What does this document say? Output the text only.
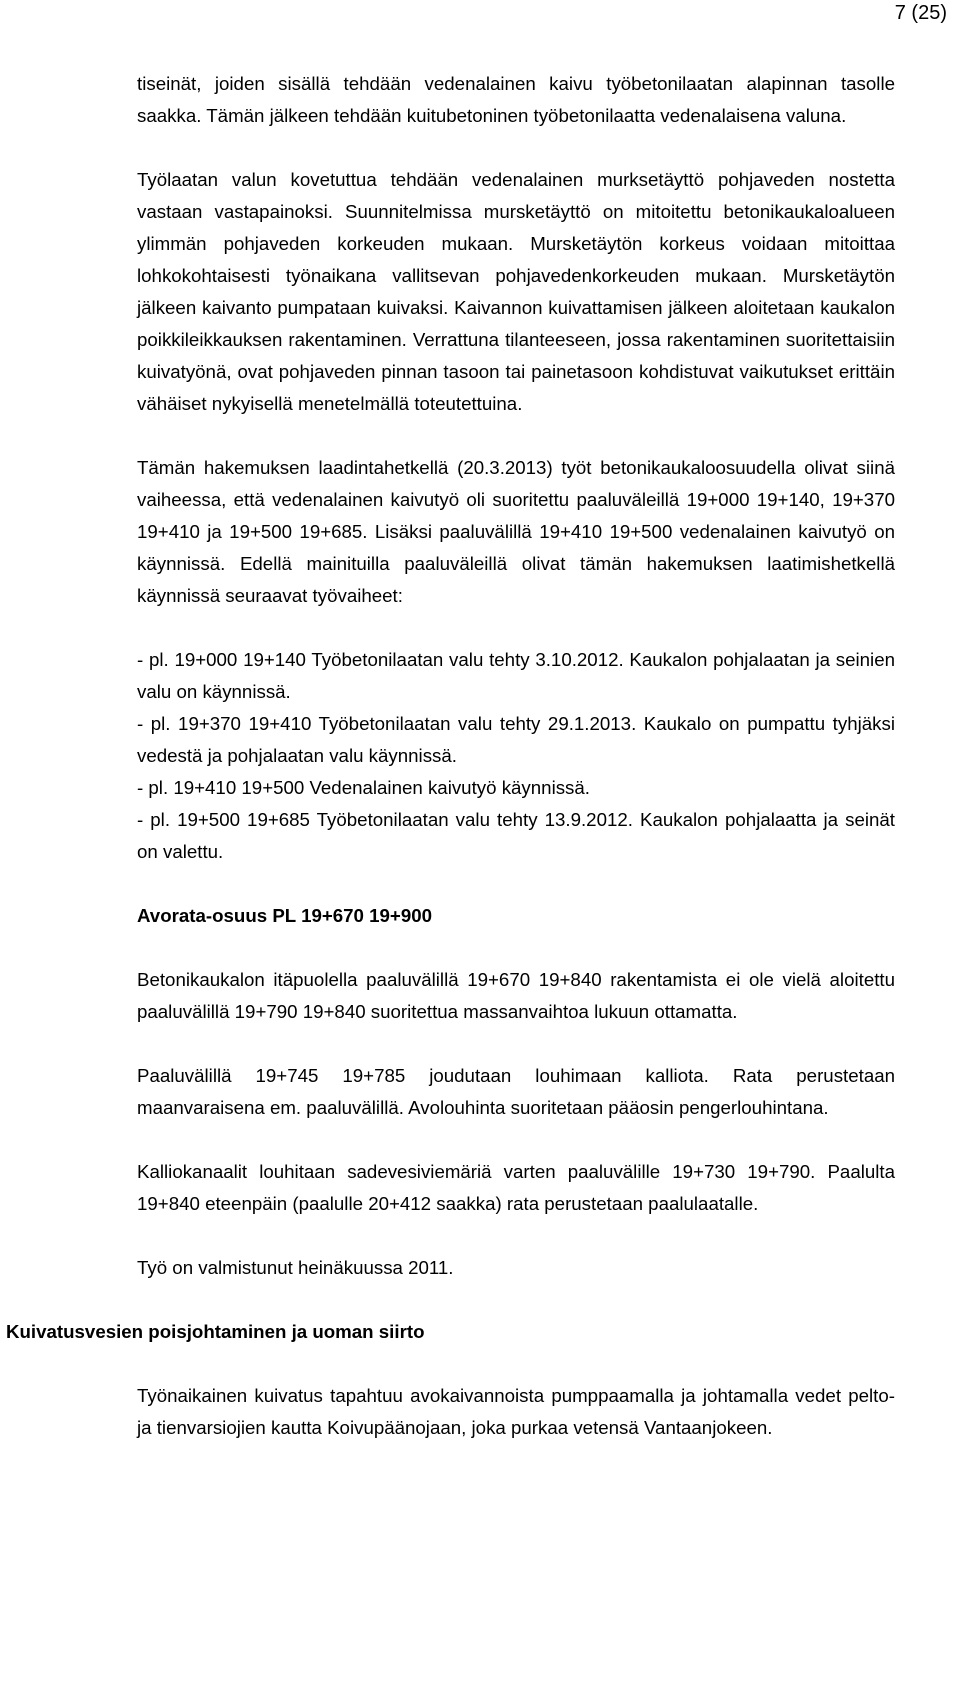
7 (25)

tiseinät, joiden sisällä tehdään vedenalainen kaivu työbetonilaatan alapinnan tasolle saakka. Tämän jälkeen tehdään kuitubetoninen työbetonilaatta vedenalaisena valuna.

Työlaatan valun kovetuttua tehdään vedenalainen murksetäyttö pohjaveden nostetta vastaan vastapainoksi. Suunnitelmissa mursketäyttö on mitoitettu betonikaukaloalueen ylimmän pohjaveden korkeuden mukaan. Mursketäytön korkeus voidaan mitoittaa lohkokohtaisesti työnaikana vallitsevan pohjavedenkorkeuden mukaan. Mursketäytön jälkeen kaivanto pumpataan kuivaksi. Kaivannon kuivattamisen jälkeen aloitetaan kaukalon poikkileikkauksen rakentaminen. Verrattuna tilanteeseen, jossa rakentaminen suoritettaisiin kuivatyönä, ovat pohjaveden pinnan tasoon tai painetasoon kohdistuvat vaikutukset erittäin vähäiset nykyisellä menetelmällä toteutettuina.

Tämän hakemuksen laadintahetkellä (20.3.2013) työt betonikaukaloosuudella olivat siinä vaiheessa, että vedenalainen kaivutyö oli suoritettu paaluväleillä 19+000 19+140, 19+370 19+410 ja 19+500 19+685. Lisäksi paaluvälillä 19+410 19+500 vedenalainen kaivutyö on käynnissä. Edellä mainituilla paaluväleillä olivat tämän hakemuksen laatimishetkellä käynnissä seuraavat työvaiheet:

- pl. 19+000 19+140 Työbetonilaatan valu tehty 3.10.2012. Kaukalon pohjalaatan ja seinien valu on käynnissä.

- pl. 19+370 19+410 Työbetonilaatan valu tehty 29.1.2013. Kaukalo on pumpattu tyhjäksi vedestä ja pohjalaatan valu käynnissä.

- pl. 19+410 19+500 Vedenalainen kaivutyö käynnissä.

- pl. 19+500 19+685 Työbetonilaatan valu tehty 13.9.2012. Kaukalon pohjalaatta ja seinät on valettu.

Avorata-osuus PL 19+670 19+900

Betonikaukalon itäpuolella paaluvälillä 19+670 19+840 rakentamista ei ole vielä aloitettu paaluvälillä 19+790 19+840 suoritettua massanvaihtoa lukuun ottamatta.

Paaluvälillä 19+745 19+785 joudutaan louhimaan kalliota. Rata perustetaan maanvaraisena em. paaluvälillä. Avolouhinta suoritetaan pääosin pengerlouhintana.

Kalliokanaalit louhitaan sadevesiviemäriä varten paaluvälille 19+730 19+790. Paalulta 19+840 eteenpäin (paalulle 20+412 saakka) rata perustetaan paalulaatalle.

Työ on valmistunut heinäkuussa 2011.

Kuivatusvesien poisjohtaminen ja uoman siirto

Työnaikainen kuivatus tapahtuu avokaivannoista pumppaamalla ja johtamalla vedet pelto- ja tienvarsiojien kautta Koivupäänojaan, joka purkaa vetensä Vantaanjokeen.
